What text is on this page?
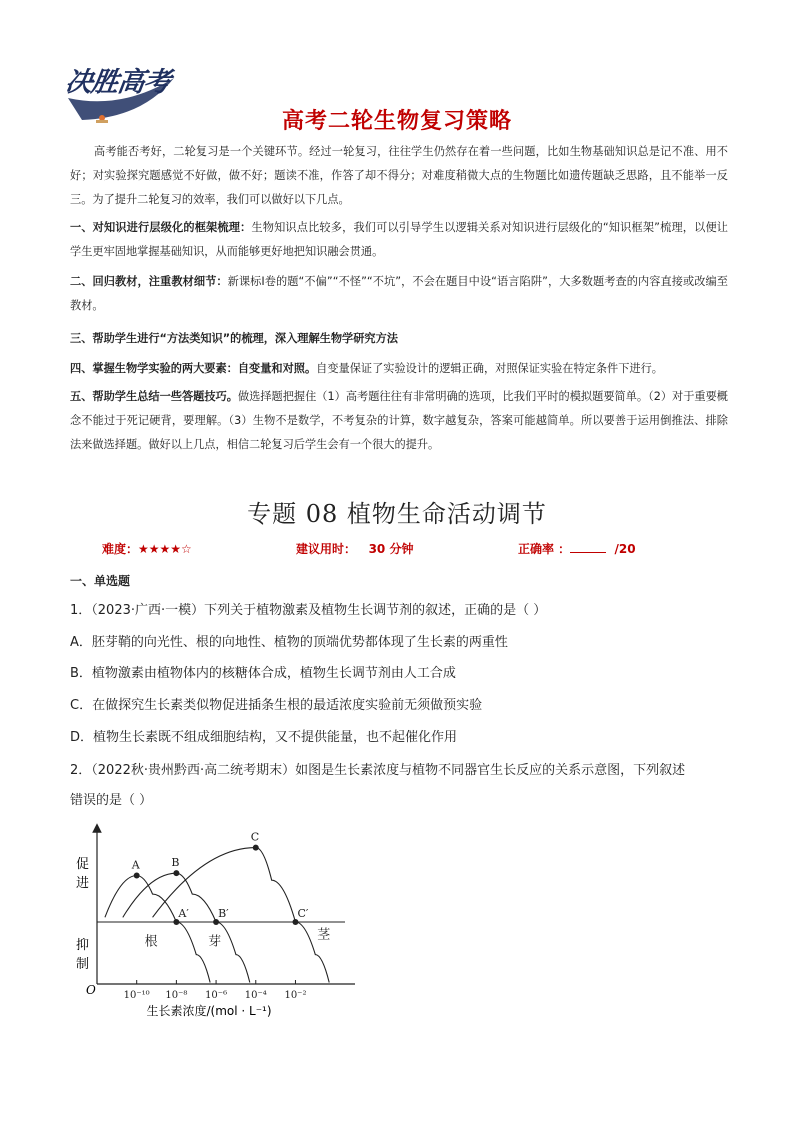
决胜高考
高考二轮生物复习策略

高考能否考好，二轮复习是一个关键环节。经过一轮复习，往往学生仍然存在着一些问题，比如生物基础知识总是记不准、用不好；对实验探究题感觉不好做，做不好；题读不准，作答了却不得分；对难度稍微大点的生物题比如遗传题缺乏思路，且不能举一反三。为了提升二轮复习的效率，我们可以做好以下几点。

一、对知识进行层级化的框架梳理：生物知识点比较多，我们可以引导学生以逻辑关系对知识进行层级化的“知识框架”梳理，以便让学生更牢固地掌握基础知识，从而能够更好地把知识融会贯通。

二、回归教材，注重教材细节：新课标Ⅰ卷的题“不偏”“不怪”“不坑”，不会在题目中设“语言陷阱”，大多数题考查的内容直接或改编至教材。

三、帮助学生进行“方法类知识”的梳理，深入理解生物学研究方法

四、掌握生物学实验的两大要素：自变量和对照。自变量保证了实验设计的逻辑正确，对照保证实验在特定条件下进行。

五、帮助学生总结一些答题技巧。做选择题把握住（1）高考题往往有非常明确的选项，比我们平时的模拟题要简单。（2）对于重要概念不能过于死记硬背，要理解。（3）生物不是数学，不考复杂的计算，数字越复杂，答案可能越简单。所以要善于运用倒推法、排除法来做选择题。做好以上几点，相信二轮复习后学生会有一个很大的提升。

专题 08 植物生命活动调节
难度：★★★★☆	建议用时： 30 分钟	正确率 ：	/20
一、单选题
1．（2023·广西·一模）下列关于植物激素及植物生长调节剂的叙述，正确的是（ ）
A．胚芽鞘的向光性、根的向地性、植物的顶端优势都体现了生长素的两重性
B．植物激素由植物体内的核糖体合成，植物生长调节剂由人工合成
C．在做探究生长素类似物促进插条生根的最适浓度实验前无须做预实验
D．植物生长素既不组成细胞结构，又不提供能量，也不起催化作用
2．（2022秋·贵州黔西·高二统考期末）如图是生长素浓度与植物不同器官生长反应的关系示意图，下列叙述
错误的是（ ）
A	B
C
A′	B′	C′
根	芽	茎
促
进
抑
制
O	10⁻¹⁰ 10⁻⁸ 10⁻⁶ 10⁻⁴ 10⁻²
生长素浓度/(mol · L⁻¹)
